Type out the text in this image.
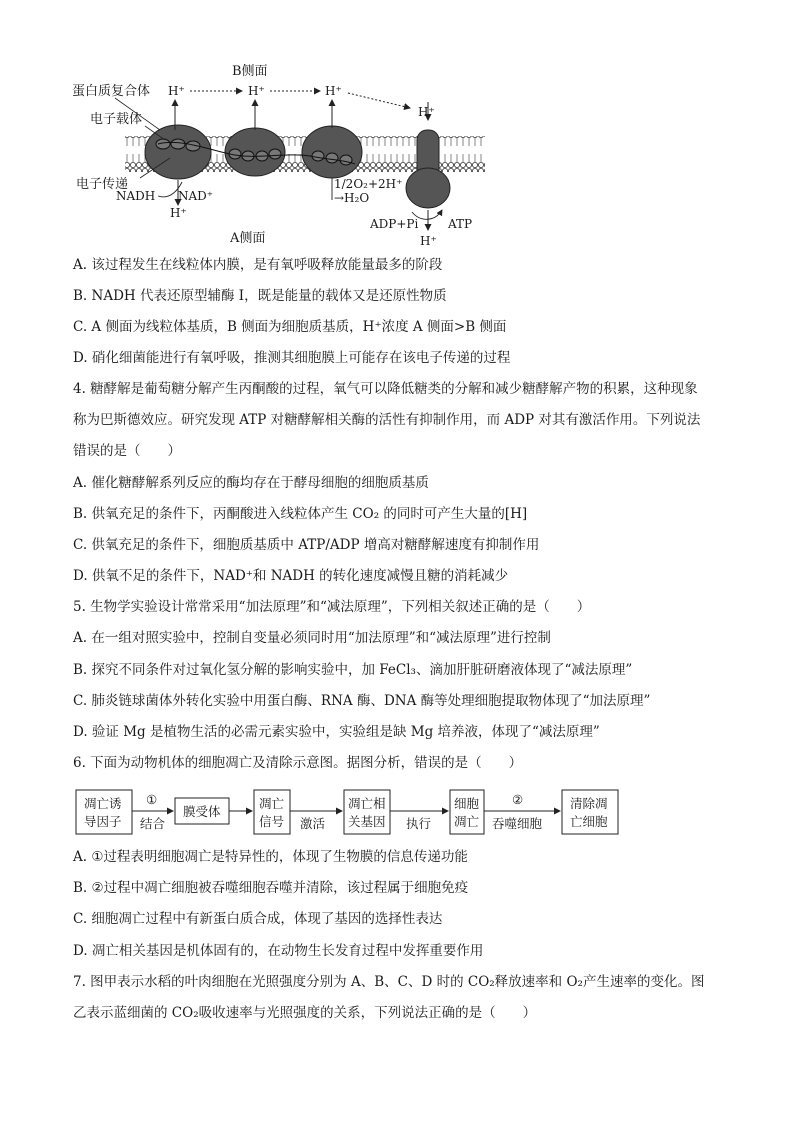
B侧面
H⁺	H⁺	H⁺
H⁺
蛋白质复合体
电子载体
电子传递
NADH NAD⁺
H⁺
1/2O₂+2H⁺
→H₂O
ADP+Pi ATP
H⁺
A侧面
A. 该过程发生在线粒体内膜，是有氧呼吸释放能量最多的阶段
B. NADH 代表还原型辅酶 I，既是能量的载体又是还原性物质
C. A 侧面为线粒体基质，B 侧面为细胞质基质，H⁺浓度 A 侧面>B 侧面
D. 硝化细菌能进行有氧呼吸，推测其细胞膜上可能存在该电子传递的过程
4. 糖酵解是葡萄糖分解产生丙酮酸的过程，氧气可以降低糖类的分解和减少糖酵解产物的积累，这种现象
称为巴斯德效应。研究发现 ATP 对糖酵解相关酶的活性有抑制作用，而 ADP 对其有激活作用。下列说法
错误的是（　　）
A. 催化糖酵解系列反应的酶均存在于酵母细胞的细胞质基质
B. 供氧充足的条件下，丙酮酸进入线粒体产生 CO₂ 的同时可产生大量的[H]
C. 供氧充足的条件下，细胞质基质中 ATP/ADP 增高对糖酵解速度有抑制作用
D. 供氧不足的条件下，NAD⁺和 NADH 的转化速度减慢且糖的消耗减少
5. 生物学实验设计常常采用“加法原理”和“减法原理”，下列相关叙述正确的是（　　）
A. 在一组对照实验中，控制自变量必须同时用“加法原理”和“减法原理”进行控制
B. 探究不同条件对过氧化氢分解的影响实验中，加 FeCl₃、滴加肝脏研磨液体现了“减法原理”
C. 肺炎链球菌体外转化实验中用蛋白酶、RNA 酶、DNA 酶等处理细胞提取物体现了“加法原理”
D. 验证 Mg 是植物生活的必需元素实验中，实验组是缺 Mg 培养液，体现了“减法原理”
6. 下面为动物机体的细胞凋亡及清除示意图。据图分析，错误的是（　　）
凋亡诱
导因子
①
结合
膜受体
凋亡
信号 激活
凋亡相
关基因 执行
细胞
凋亡
②
吞噬细胞
清除凋
亡细胞
A. ①过程表明细胞凋亡是特异性的，体现了生物膜的信息传递功能
B. ②过程中凋亡细胞被吞噬细胞吞噬并清除，该过程属于细胞免疫
C. 细胞凋亡过程中有新蛋白质合成，体现了基因的选择性表达
D. 凋亡相关基因是机体固有的，在动物生长发育过程中发挥重要作用
7. 图甲表示水稻的叶肉细胞在光照强度分别为 A、B、C、D 时的 CO₂释放速率和 O₂产生速率的变化。图
乙表示蓝细菌的 CO₂吸收速率与光照强度的关系，下列说法正确的是（　　）
